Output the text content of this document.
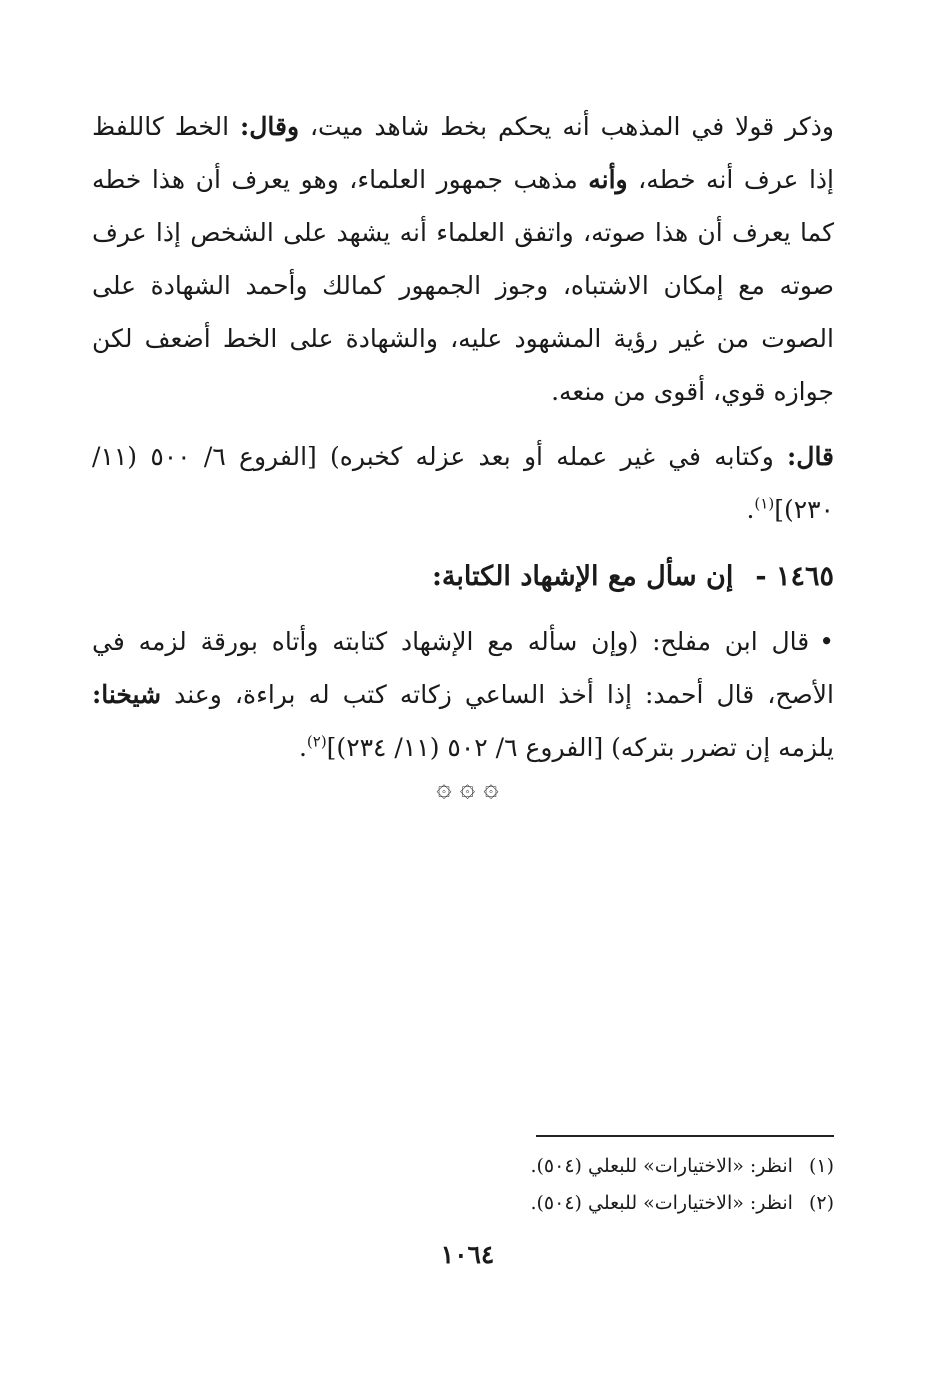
وذكر قولا في المذهب أنه يحكم بخط شاهد ميت، وقال: الخط كاللفظ إذا عرف أنه خطه، وأنه مذهب جمهور العلماء، وهو يعرف أن هذا خطه كما يعرف أن هذا صوته، واتفق العلماء أنه يشهد على الشخص إذا عرف صوته مع إمكان الاشتباه، وجوز الجمهور كمالك وأحمد الشهادة على الصوت من غير رؤية المشهود عليه، والشهادة على الخط أضعف لكن جوازه قوي، أقوى من منعه.
قال: وكتابه في غير عمله أو بعد عزله كخبره) [الفروع ٦/ ٥٠٠ (١١/ ٢٣٠)]$^{(١)}$.
١٤٦٥ -إن سأل مع الإشهاد الكتابة:
•قال ابن مفلح: (وإن سأله مع الإشهاد كتابته وأتاه بورقة لزمه في الأصح، قال أحمد: إذا أخذ الساعي زكاته كتب له براءة، وعند شيخنا: يلزمه إن تضرر بتركه) [الفروع ٦/ ٥٠٢ (١١/ ٢٣٤)]$^{(٢)}$.
۞ ۞ ۞
(١)انظر: «الاختيارات» للبعلي (٥٠٤).
(٢)انظر: «الاختيارات» للبعلي (٥٠٤).
١٠٦٤
